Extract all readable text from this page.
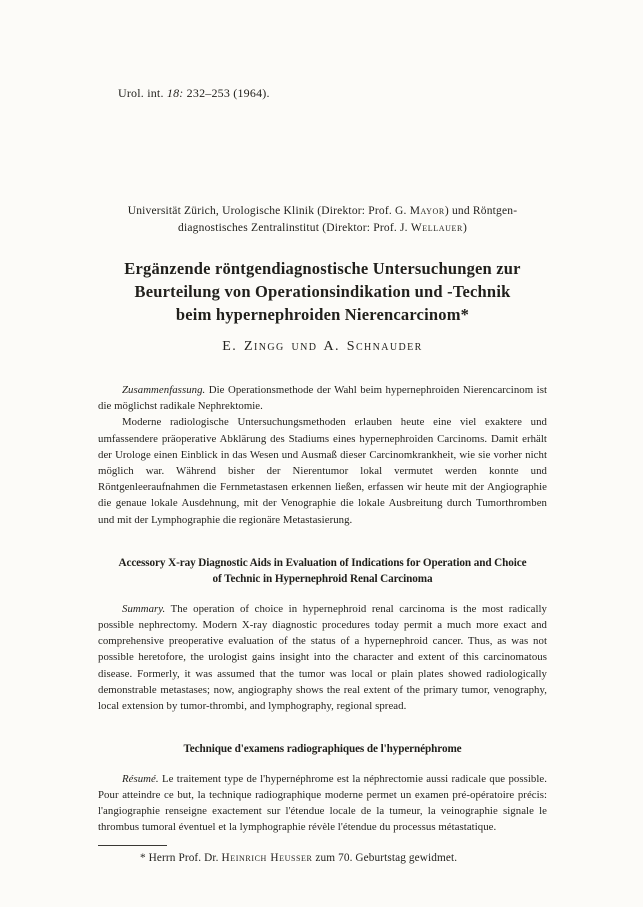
Urol. int. 18: 232–253 (1964).

Universität Zürich, Urologische Klinik (Direktor: Prof. G. Mayor) und Röntgen-
diagnostisches Zentralinstitut (Direktor: Prof. J. Wellauer)

Ergänzende röntgendiagnostische Untersuchungen zur
Beurteilung von Operationsindikation und -Technik
beim hypernephroiden Nierencarcinom*

E. Zingg und A. Schnauder

Zusammenfassung. Die Operationsmethode der Wahl beim hypernephroiden Nierencarcinom ist die möglichst radikale Nephrektomie.

Moderne radiologische Untersuchungsmethoden erlauben heute eine viel exaktere und umfassendere präoperative Abklärung des Stadiums eines hypernephroiden Carcinoms. Damit erhält der Urologe einen Einblick in das Wesen und Ausmaß dieser Carcinomkrankheit, wie sie vorher nicht möglich war. Während bisher der Nierentumor lokal vermutet werden konnte und Röntgenleeraufnahmen die Fernmetastasen erkennen ließen, erfassen wir heute mit der Angiographie die genaue lokale Ausdehnung, mit der Venographie die lokale Ausbreitung durch Tumorthromben und mit der Lymphographie die regionäre Metastasierung.

Accessory X-ray Diagnostic Aids in Evaluation of Indications for Operation and Choice
of Technic in Hypernephroid Renal Carcinoma

Summary. The operation of choice in hypernephroid renal carcinoma is the most radically possible nephrectomy. Modern X-ray diagnostic procedures today permit a much more exact and comprehensive preoperative evaluation of the status of a hypernephroid cancer. Thus, as was not possible heretofore, the urologist gains insight into the character and extent of this carcinomatous disease. Formerly, it was assumed that the tumor was local or plain plates showed radiologically demonstrable metastases; now, angiography shows the real extent of the primary tumor, venography, local extension by tumor-thrombi, and lymphography, regional spread.

Technique d'examens radiographiques de l'hypernéphrome

Résumé. Le traitement type de l'hypernéphrome est la néphrectomie aussi radicale que possible. Pour atteindre ce but, la technique radiographique moderne permet un examen pré-opératoire précis: l'angiographie renseigne exactement sur l'étendue locale de la tumeur, la veinographie signale le thrombus tumoral éventuel et la lymphographie révèle l'étendue du processus métastatique.

* Herrn Prof. Dr. Heinrich Heusser zum 70. Geburtstag gewidmet.
